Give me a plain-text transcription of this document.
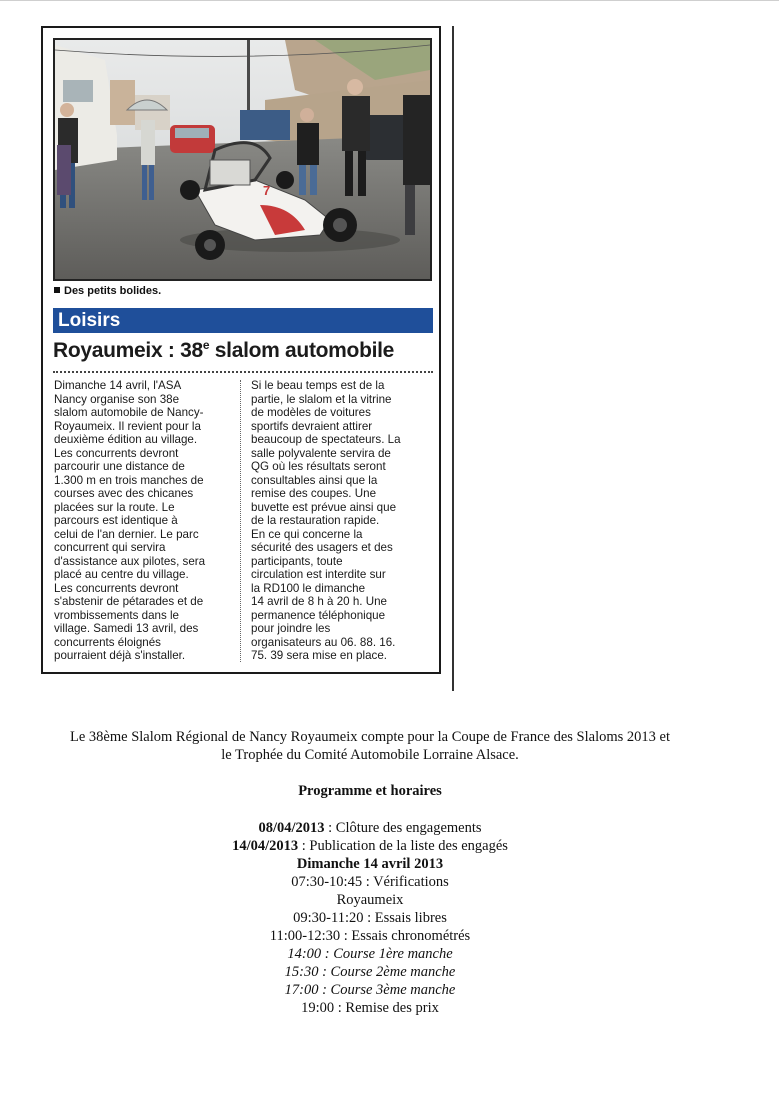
7
Des petits bolides.
Loisirs
Royaumeix : 38e slalom automobile
Dimanche 14 avril, l'ASA
Nancy organise son 38e
slalom automobile de Nancy-
Royaumeix. Il revient pour la
deuxième édition au village.
Les concurrents devront
parcourir une distance de
1.300 m en trois manches de
courses avec des chicanes
placées sur la route. Le
parcours est identique à
celui de l'an dernier. Le parc
concurrent qui servira
d'assistance aux pilotes, sera
placé au centre du village.
Les concurrents devront
s'abstenir de pétarades et de
vrombissements dans le
village. Samedi 13 avril, des
concurrents éloignés
pourraient déjà s'installer.
Si le beau temps est de la
partie, le slalom et la vitrine
de modèles de voitures
sportifs devraient attirer
beaucoup de spectateurs. La
salle polyvalente servira de
QG où les résultats seront
consultables ainsi que la
remise des coupes. Une
buvette est prévue ainsi que
de la restauration rapide.
En ce qui concerne la
sécurité des usagers et des
participants, toute
circulation est interdite sur
la RD100 le dimanche
14 avril de 8 h à 20 h. Une
permanence téléphonique
pour joindre les
organisateurs au 06. 88. 16.
75. 39 sera mise en place.
Le 38ème Slalom Régional de Nancy Royaumeix compte pour la Coupe de France des Slaloms 2013 et
le Trophée du Comité Automobile Lorraine Alsace.
Programme et horaires
08/04/2013 : Clôture des engagements
14/04/2013 : Publication de la liste des engagés
Dimanche 14 avril 2013
07:30-10:45 : Vérifications
Royaumeix
09:30-11:20 : Essais libres
11:00-12:30 : Essais chronométrés
14:00 : Course 1ère manche
15:30 : Course 2ème manche
17:00 : Course 3ème manche
19:00 : Remise des prix
